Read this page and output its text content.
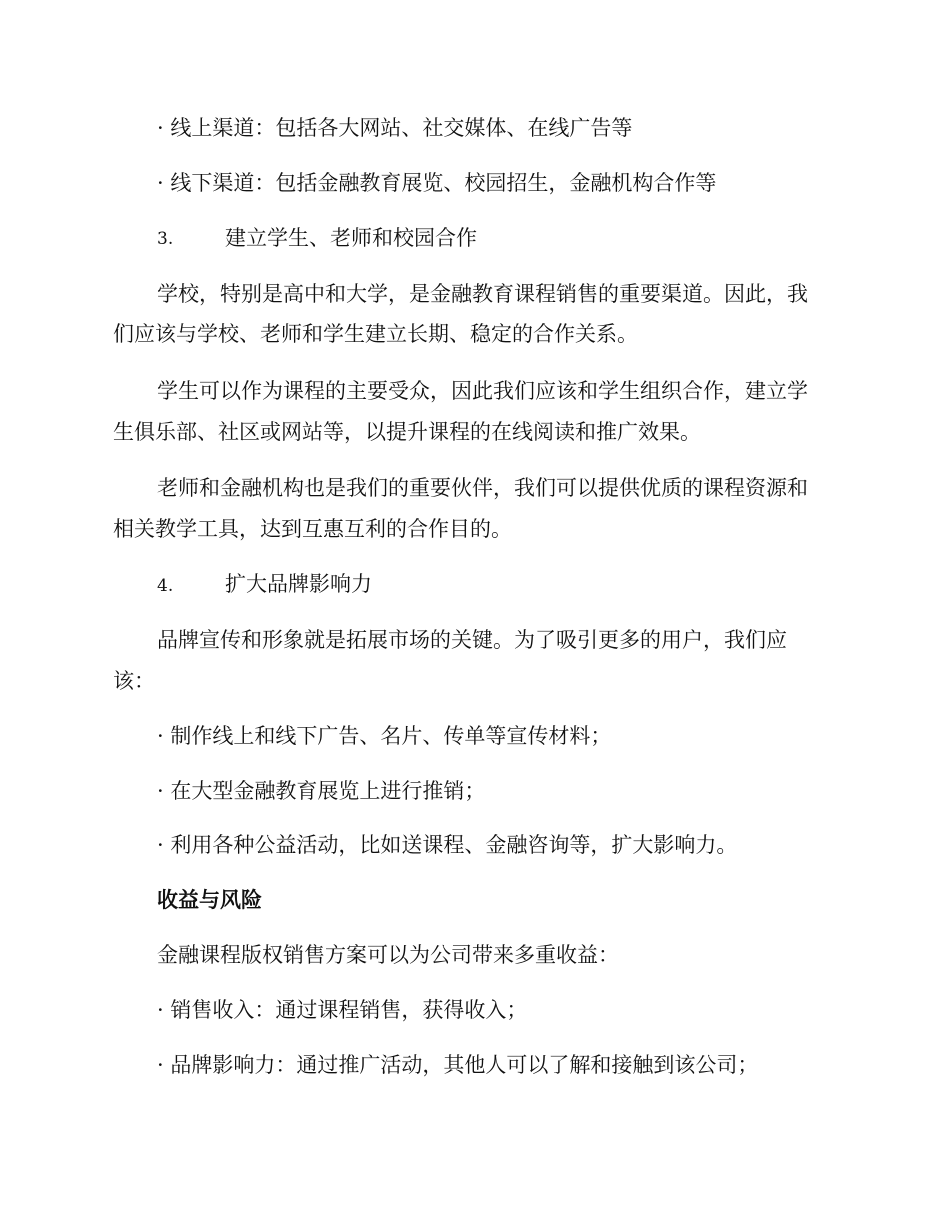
· 线上渠道：包括各大网站、社交媒体、在线广告等
· 线下渠道：包括金融教育展览、校园招生，金融机构合作等
3. 建立学生、老师和校园合作
学校，特别是高中和大学，是金融教育课程销售的重要渠道。因此，我
们应该与学校、老师和学生建立长期、稳定的合作关系。
学生可以作为课程的主要受众，因此我们应该和学生组织合作，建立学
生俱乐部、社区或网站等，以提升课程的在线阅读和推广效果。
老师和金融机构也是我们的重要伙伴，我们可以提供优质的课程资源和
相关教学工具，达到互惠互利的合作目的。
4. 扩大品牌影响力
品牌宣传和形象就是拓展市场的关键。为了吸引更多的用户，我们应
该：
· 制作线上和线下广告、名片、传单等宣传材料；
· 在大型金融教育展览上进行推销；
· 利用各种公益活动，比如送课程、金融咨询等，扩大影响力。
收益与风险
金融课程版权销售方案可以为公司带来多重收益：
· 销售收入：通过课程销售，获得收入；
· 品牌影响力：通过推广活动，其他人可以了解和接触到该公司；
